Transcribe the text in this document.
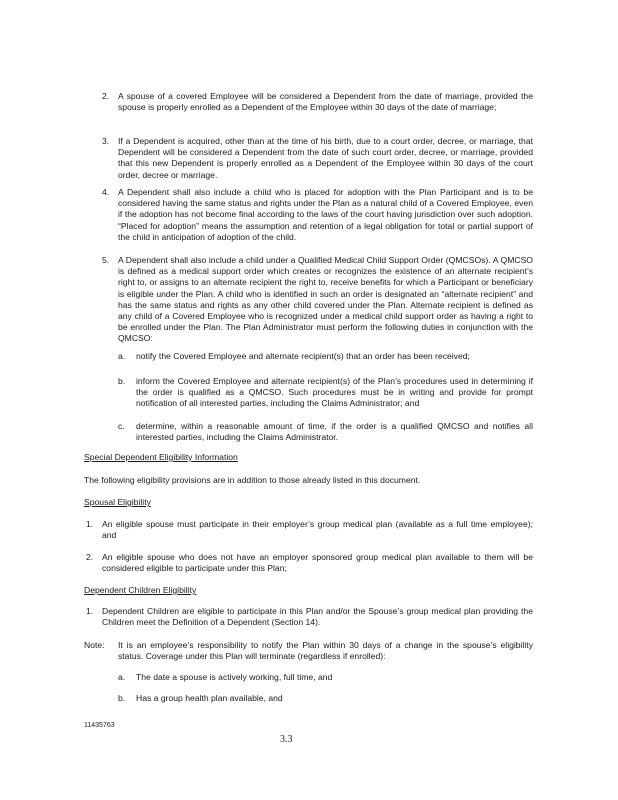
2. A spouse of a covered Employee will be considered a Dependent from the date of marriage, provided the spouse is properly enrolled as a Dependent of the Employee within 30 days of the date of marriage;

3. If a Dependent is acquired, other than at the time of his birth, due to a court order, decree, or marriage, that Dependent will be considered a Dependent from the date of such court order, decree, or marriage, provided that this new Dependent is properly enrolled as a Dependent of the Employee within 30 days of the court order, decree or marriage.

4. A Dependent shall also include a child who is placed for adoption with the Plan Participant and is to be considered having the same status and rights under the Plan as a natural child of a Covered Employee, even if the adoption has not become final according to the laws of the court having jurisdiction over such adoption. “Placed for adoption” means the assumption and retention of a legal obligation for total or partial support of the child in anticipation of adoption of the child.

5. A Dependent shall also include a child under a Qualified Medical Child Support Order (QMCSOs). A QMCSO is defined as a medical support order which creates or recognizes the existence of an alternate recipient’s right to, or assigns to an alternate recipient the right to, receive benefits for which a Participant or beneficiary is eligible under the Plan. A child who is identified in such an order is designated an “alternate recipient” and has the same status and rights as any other child covered under the Plan. Alternate recipient is defined as any child of a Covered Employee who is recognized under a medical child support order as having a right to be enrolled under the Plan. The Plan Administrator must perform the following duties in conjunction with the QMCSO:

a. notify the Covered Employee and alternate recipient(s) that an order has been received;

b. inform the Covered Employee and alternate recipient(s) of the Plan’s procedures used in determining if the order is qualified as a QMCSO. Such procedures must be in writing and provide for prompt notification of all interested parties, including the Claims Administrator; and

c. determine, within a reasonable amount of time, if the order is a qualified QMCSO and notifies all interested parties, including the Claims Administrator.

Special Dependent Eligibility Information

The following eligibility provisions are in addition to those already listed in this document.

Spousal Eligibility
1. An eligible spouse must participate in their employer’s group medical plan (available as a full time employee); and

2. An eligible spouse who does not have an employer sponsored group medical plan available to them will be considered eligible to participate under this Plan;

Dependent Children Eligibility
1. Dependent Children are eligible to participate in this Plan and/or the Spouse’s group medical plan providing the Children meet the Definition of a Dependent (Section 14).

Note: It is an employee’s responsibility to notify the Plan within 30 days of a change in the spouse’s eligibility status. Coverage under this Plan will terminate (regardless if enrolled):

a. The date a spouse is actively working, full time, and

b. Has a group health plan available, and

11435763
3.3
